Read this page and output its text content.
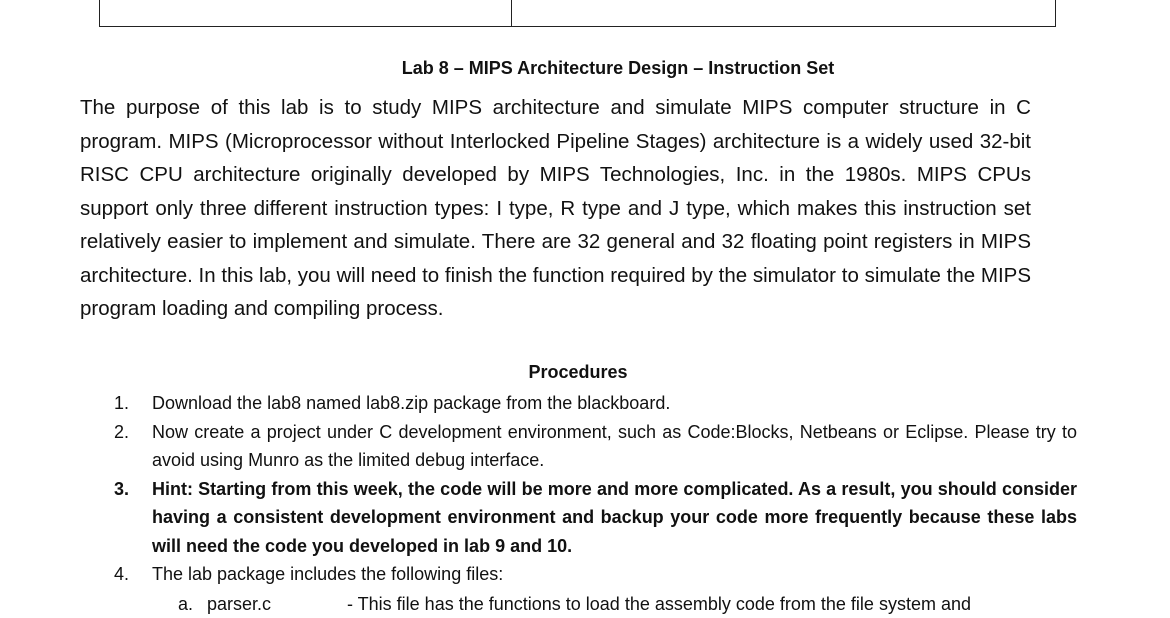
Lab 8 – MIPS Architecture Design – Instruction Set

The purpose of this lab is to study MIPS architecture and simulate MIPS computer structure in C program. MIPS (Microprocessor without Interlocked Pipeline Stages) architecture is a widely used 32-bit RISC CPU architecture originally developed by MIPS Technologies, Inc. in the 1980s. MIPS CPUs support only three different instruction types: I type, R type and J type, which makes this instruction set relatively easier to implement and simulate. There are 32 general and 32 floating point registers in MIPS architecture. In this lab, you will need to finish the function required by the simulator to simulate the MIPS program loading and compiling process.

Procedures
1. Download the lab8 named lab8.zip package from the blackboard.
2. Now create a project under C development environment, such as Code:Blocks, Netbeans or Eclipse. Please try to avoid using Munro as the limited debug interface.
3. Hint: Starting from this week, the code will be more and more complicated. As a result, you should consider having a consistent development environment and backup your code more frequently because these labs will need the code you developed in lab 9 and 10.
4. The lab package includes the following files:
a. parser.c	- This file has the functions to load the assembly code from the file system and
